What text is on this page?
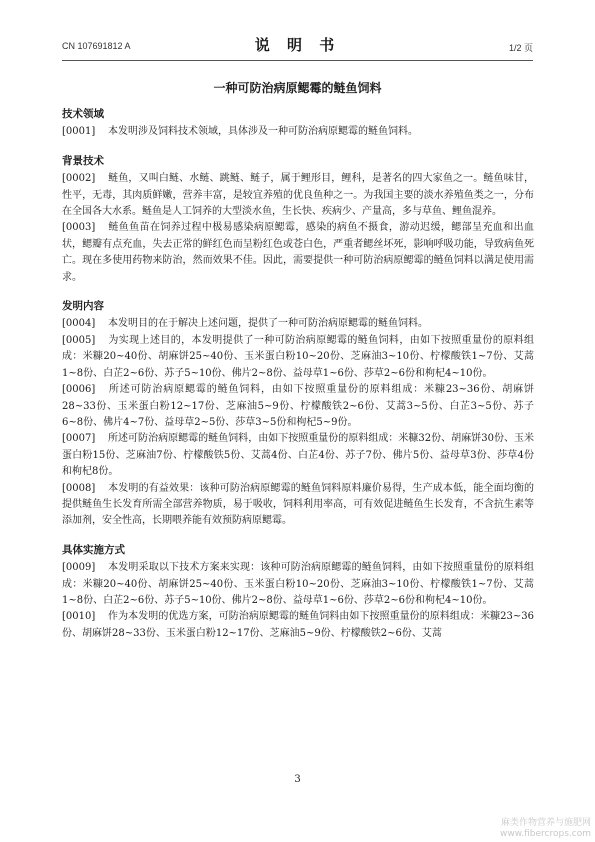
CN 107691812 A	说 明 书	1/2 页
一种可防治病原鳃霉的鲢鱼饲料
技术领域

[0001] 本发明涉及饲料技术领域，具体涉及一种可防治病原鳃霉的鲢鱼饲料。

背景技术

[0002] 鲢鱼，又叫白鲢、水鲢、跳鲢、鲢子，属于鲤形目，鲤科，是著名的四大家鱼之一。鲢鱼味甘，性平，无毒，其肉质鲜嫩，营养丰富，是较宜养殖的优良鱼种之一。为我国主要的淡水养殖鱼类之一，分布在全国各大水系。鲢鱼是人工饲养的大型淡水鱼，生长快、疾病少、产量高，多与草鱼、鲤鱼混养。

[0003] 鲢鱼鱼苗在饲养过程中极易感染病原鳃霉，感染的病鱼不摄食，游动迟缓，鳃部呈充血和出血状，鳃瓣有点充血，失去正常的鲜红色而呈粉红色或苍白色，严重者鳃丝坏死，影响呼吸功能，导致病鱼死亡。现在多使用药物来防治，然而效果不佳。因此，需要提供一种可防治病原鳃霉的鲢鱼饲料以满足使用需求。

发明内容

[0004] 本发明目的在于解决上述问题，提供了一种可防治病原鳃霉的鲢鱼饲料。

[0005] 为实现上述目的，本发明提供了一种可防治病原鳃霉的鲢鱼饲料，由如下按照重量份的原料组成：米糠20~40份、胡麻饼25~40份、玉米蛋白粉10~20份、芝麻油3~10份、柠檬酸铁1~7份、艾蒿1~8份、白芷2~6份、苏子5~10份、佛片2~8份、益母草1~6份、莎草2~6份和枸杞4~10份。

[0006] 所述可防治病原鳃霉的鲢鱼饲料，由如下按照重量份的原料组成：米糠23~36份、胡麻饼28~33份、玉米蛋白粉12~17份、芝麻油5~9份、柠檬酸铁2~6份、艾蒿3~5份、白芷3~5份、苏子6~8份、佛片4~7份、益母草2~5份、莎草3~5份和枸杞5~9份。

[0007] 所述可防治病原鳃霉的鲢鱼饲料，由如下按照重量份的原料组成：米糠32份、胡麻饼30份、玉米蛋白粉15份、芝麻油7份、柠檬酸铁5份、艾蒿4份、白芷4份、苏子7份、佛片5份、益母草3份、莎草4份和枸杞8份。

[0008] 本发明的有益效果：该种可防治病原鳃霉的鲢鱼饲料原料廉价易得，生产成本低，能全面均衡的提供鲢鱼生长发育所需全部营养物质，易于吸收，饲料利用率高，可有效促进鲢鱼生长发育，不含抗生素等添加剂，安全性高，长期喂养能有效预防病原鳃霉。

具体实施方式

[0009] 本发明采取以下技术方案来实现：该种可防治病原鳃霉的鲢鱼饲料，由如下按照重量份的原料组成：米糠20~40份、胡麻饼25~40份、玉米蛋白粉10~20份、芝麻油3~10份、柠檬酸铁1~7份、艾蒿1~8份、白芷2~6份、苏子5~10份、佛片2~8份、益母草1~6份、莎草2~6份和枸杞4~10份。

[0010] 作为本发明的优选方案，可防治病原鳃霉的鲢鱼饲料由如下按照重量份的原料组成：米糠23~36份、胡麻饼28~33份、玉米蛋白粉12~17份、芝麻油5~9份、柠檬酸铁2~6份、艾蒿

3
麻类作物营养与施肥网
www.fibercrops.com
